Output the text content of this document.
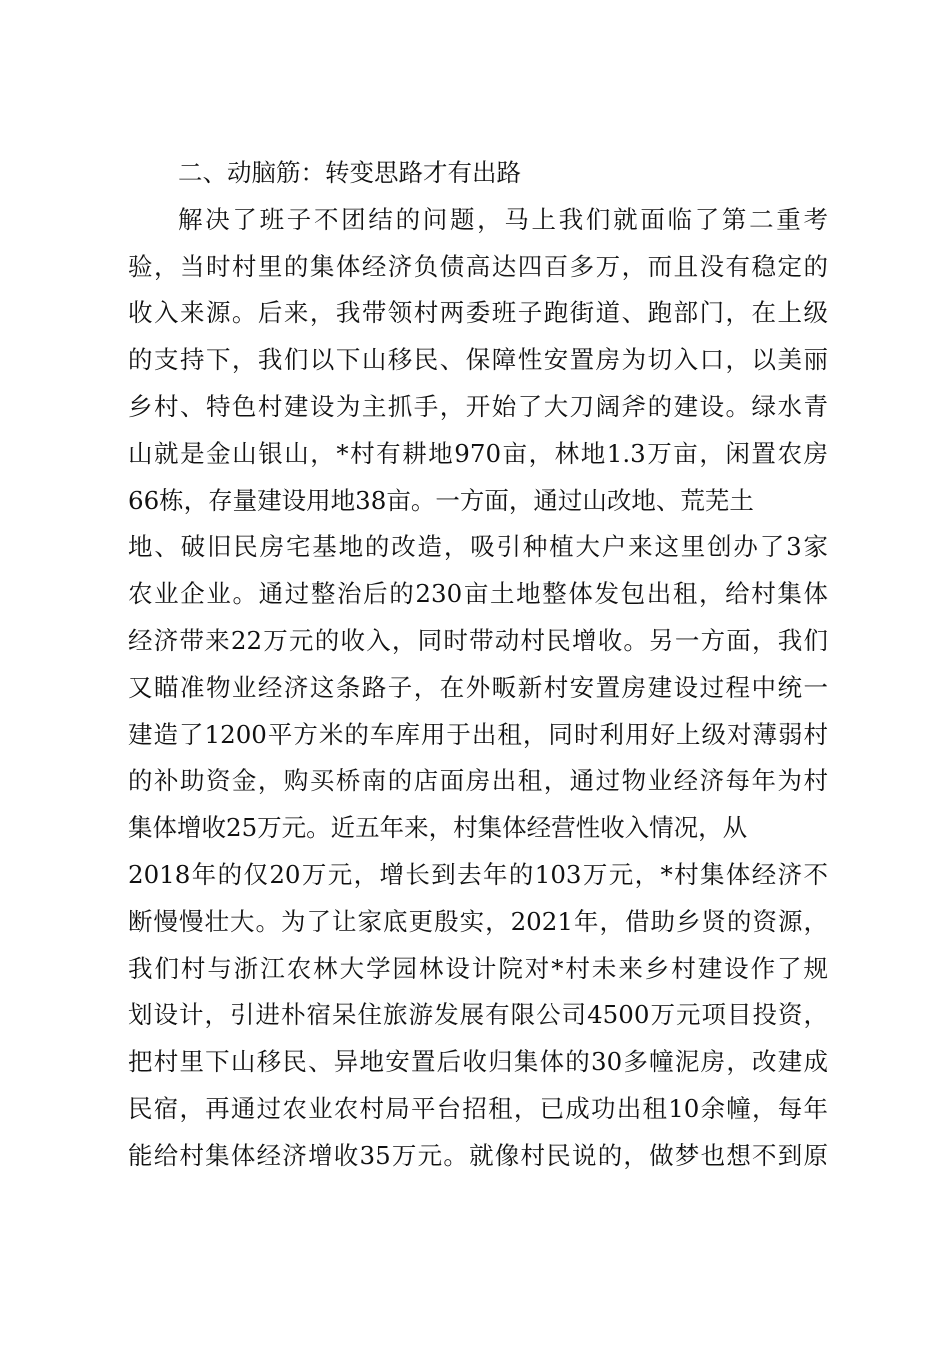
二、动脑筋：转变思路才有出路
解决了班子不团结的问题，马上我们就面临了第二重考
验，当时村里的集体经济负债高达四百多万，而且没有稳定的
收入来源。后来，我带领村两委班子跑街道、跑部门，在上级
的支持下，我们以下山移民、保障性安置房为切入口，以美丽
乡村、特色村建设为主抓手，开始了大刀阔斧的建设。绿水青
山就是金山银山，*村有耕地970亩，林地1.3万亩，闲置农房
66栋，存量建设用地38亩。一方面，通过山改地、荒芜土
地、破旧民房宅基地的改造，吸引种植大户来这里创办了3家
农业企业。通过整治后的230亩土地整体发包出租，给村集体
经济带来22万元的收入，同时带动村民增收。另一方面，我们
又瞄准物业经济这条路子，在外畈新村安置房建设过程中统一
建造了1200平方米的车库用于出租，同时利用好上级对薄弱村
的补助资金，购买桥南的店面房出租，通过物业经济每年为村
集体增收25万元。近五年来，村集体经营性收入情况，从
2018年的仅20万元，增长到去年的103万元，*村集体经济不
断慢慢壮大。为了让家底更殷实，2021年，借助乡贤的资源，
我们村与浙江农林大学园林设计院对*村未来乡村建设作了规
划设计，引进朴宿呆住旅游发展有限公司4500万元项目投资，
把村里下山移民、异地安置后收归集体的30多幢泥房，改建成
民宿，再通过农业农村局平台招租，已成功出租10余幢，每年
能给村集体经济增收35万元。就像村民说的，做梦也想不到原
